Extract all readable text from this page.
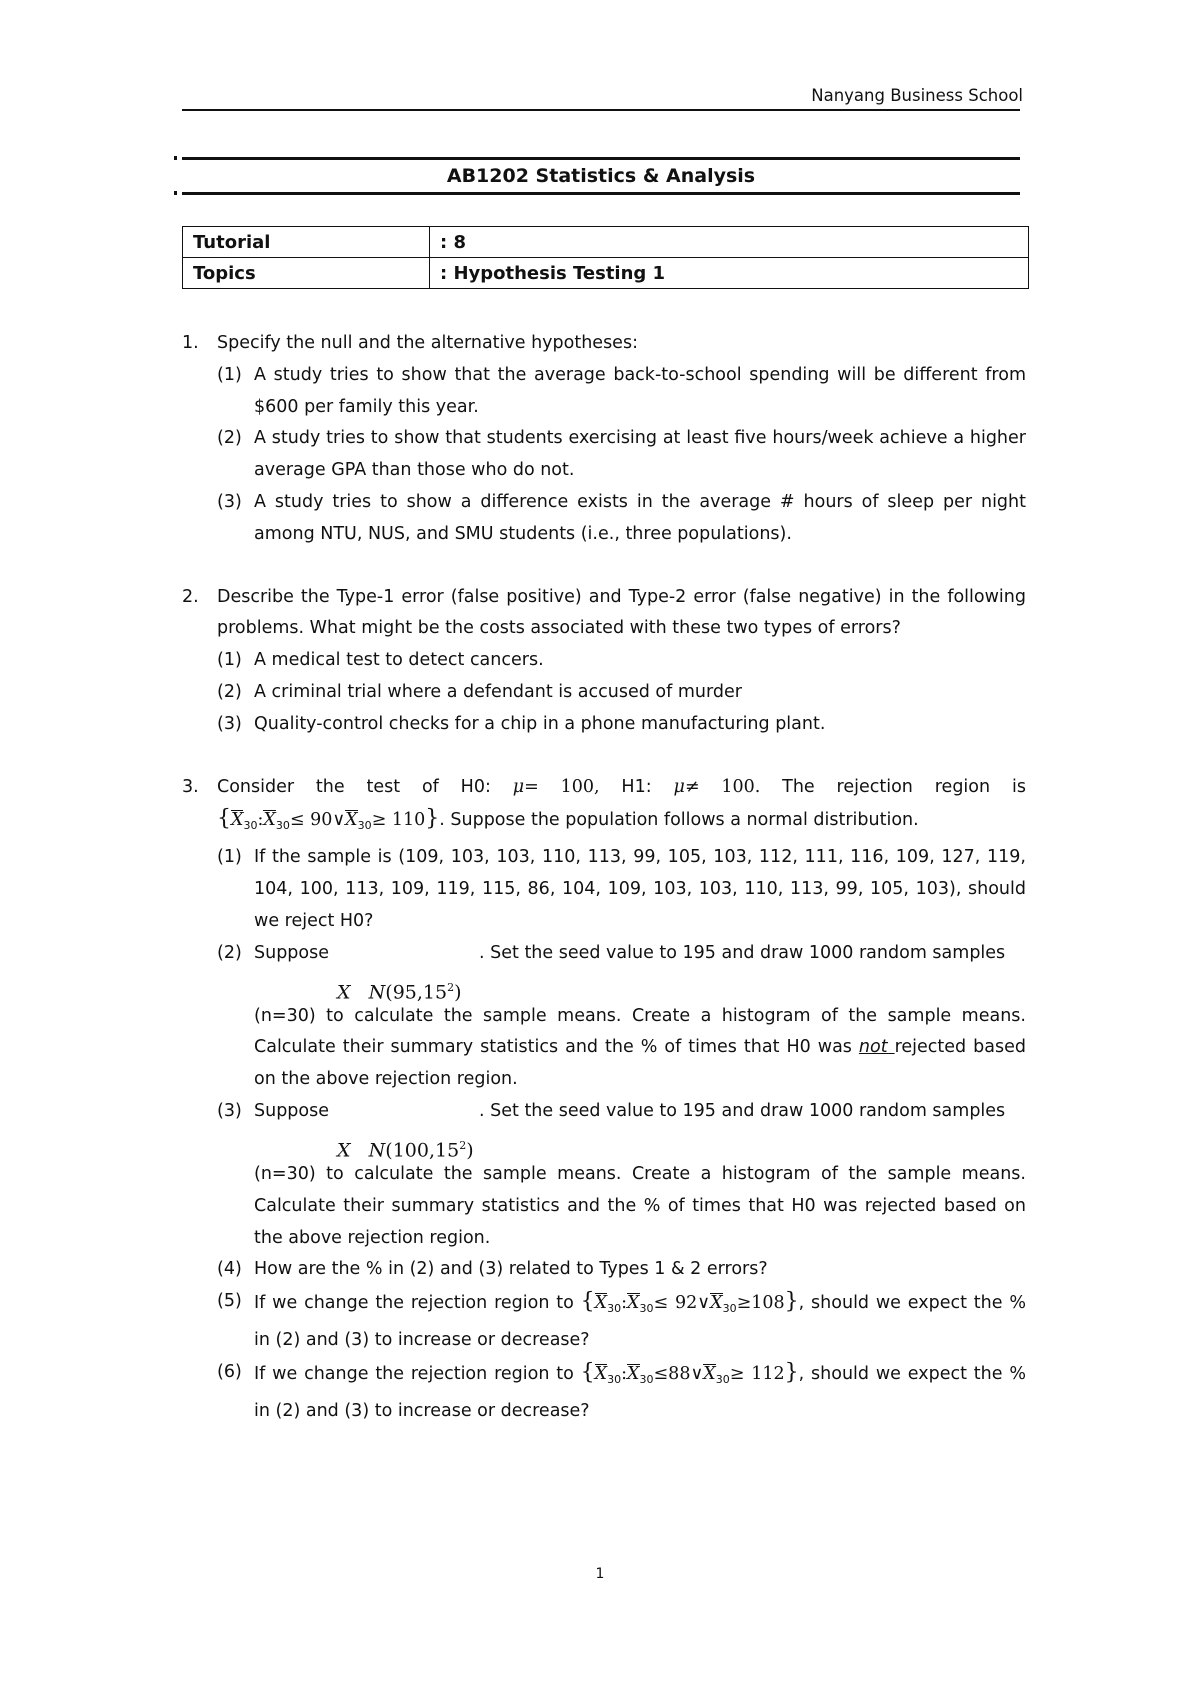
Nanyang Business School
AB1202 Statistics & Analysis
Tutorial	: 8
Topics	: Hypothesis Testing 1
1. Specify the null and the alternative hypotheses:
(1) A study tries to show that the average back-to-school spending will be different from $600 per family this year.
(2) A study tries to show that students exercising at least five hours/week achieve a higher average GPA than those who do not.
(3) A study tries to show a difference exists in the average # hours of sleep per night among NTU, NUS, and SMU students (i.e., three populations).
2. Describe the Type-1 error (false positive) and Type-2 error (false negative) in the following problems. What might be the costs associated with these two types of errors?
(1) A medical test to detect cancers.
(2) A criminal trial where a defendant is accused of murder
(3) Quality-control checks for a chip in a phone manufacturing plant.
3. Consider the test of H0: μ= 100, H1: μ≠ 100. The rejection region is
{$X_{30}:X_{30}\le$ $90\vee X_{30}\ge 110$}. Suppose the population follows a normal distribution.
(1) If the sample is (109, 103, 103, 110, 113, 99, 105, 103, 112, 111, 116, 109, 127, 119, 104, 100, 113, 109, 119, 115, 86, 104, 109, 103, 103, 110, 113, 99, 105, 103), should we reject H0?
(2) Suppose
X N(95,15$^2$)
. Set the seed value to 195 and draw 1000 random samples
(n=30) to calculate the sample means. Create a histogram of the sample means. Calculate their summary statistics and the % of times that H0 was not rejected based on the above rejection region.
(3) Suppose
X N(100,15$^2$)
. Set the seed value to 195 and draw 1000 random samples
(n=30) to calculate the sample means. Create a histogram of the sample means. Calculate their summary statistics and the % of times that H0 was rejected based on the above rejection region.
(4) How are the % in (2) and (3) related to Types 1 & 2 errors?
(5) If we change the rejection region to {$X_{30}:X_{30}\le$ $92\vee X_{30}\ge 108$}, should we expect the % in (2) and (3) to increase or decrease?
(6) If we change the rejection region to $\{X_{30}:X_{30}\le 88\vee X_{30}\ge 112\}$, should we expect the % in (2) and (3) to increase or decrease?
1
